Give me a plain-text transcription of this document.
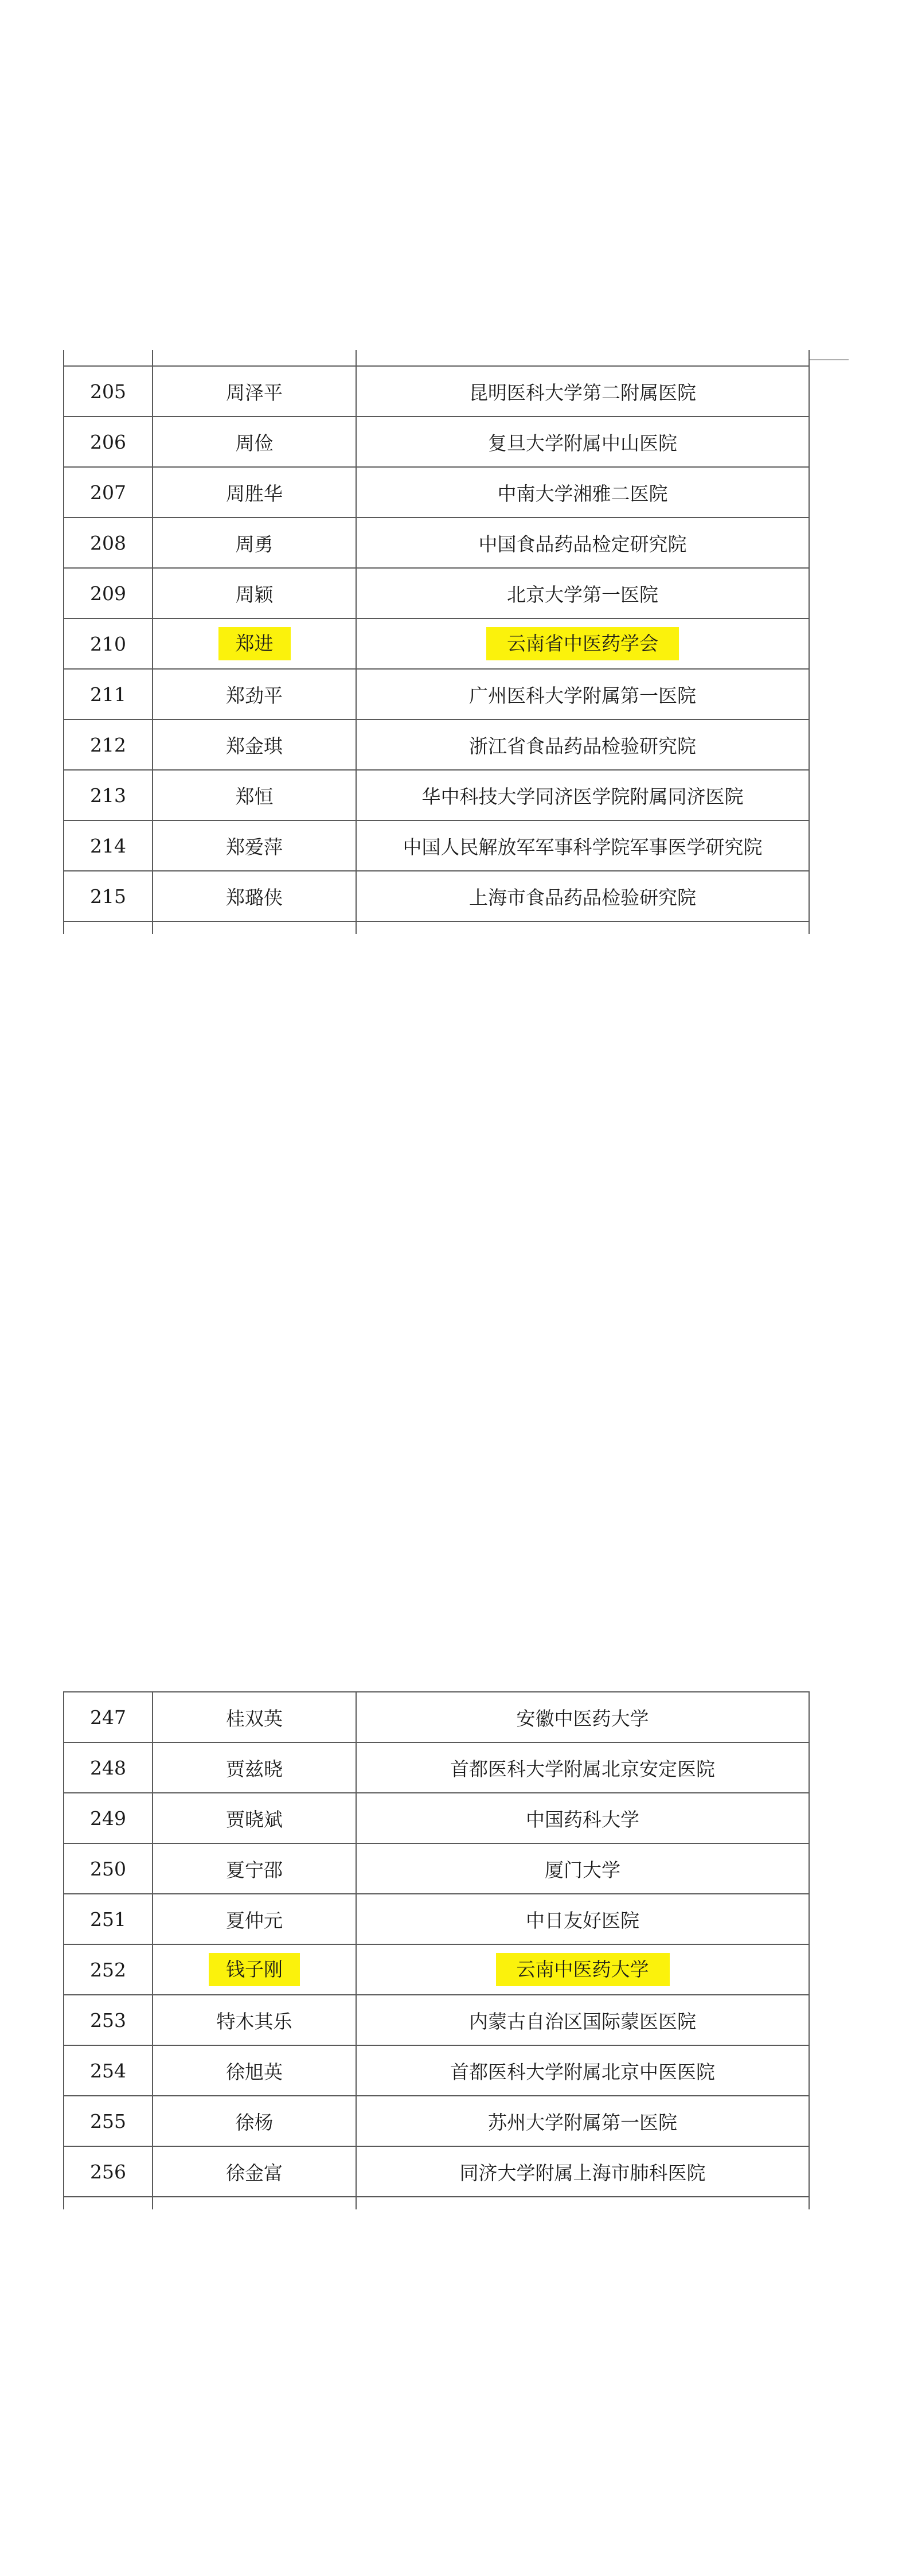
205	周泽平	昆明医科大学第二附属医院
206	周俭	复旦大学附属中山医院
207	周胜华	中南大学湘雅二医院
208	周勇	中国食品药品检定研究院
209	周颖	北京大学第一医院
210	郑进	云南省中医药学会
211	郑劲平	广州医科大学附属第一医院
212	郑金琪	浙江省食品药品检验研究院
213	郑恒	华中科技大学同济医学院附属同济医院
214	郑爱萍	中国人民解放军军事科学院军事医学研究院
215	郑璐侠	上海市食品药品检验研究院

247	桂双英	安徽中医药大学
248	贾兹晓	首都医科大学附属北京安定医院
249	贾晓斌	中国药科大学
250	夏宁邵	厦门大学
251	夏仲元	中日友好医院
252	钱子刚	云南中医药大学
253	特木其乐	内蒙古自治区国际蒙医医院
254	徐旭英	首都医科大学附属北京中医医院
255	徐杨	苏州大学附属第一医院
256	徐金富	同济大学附属上海市肺科医院
